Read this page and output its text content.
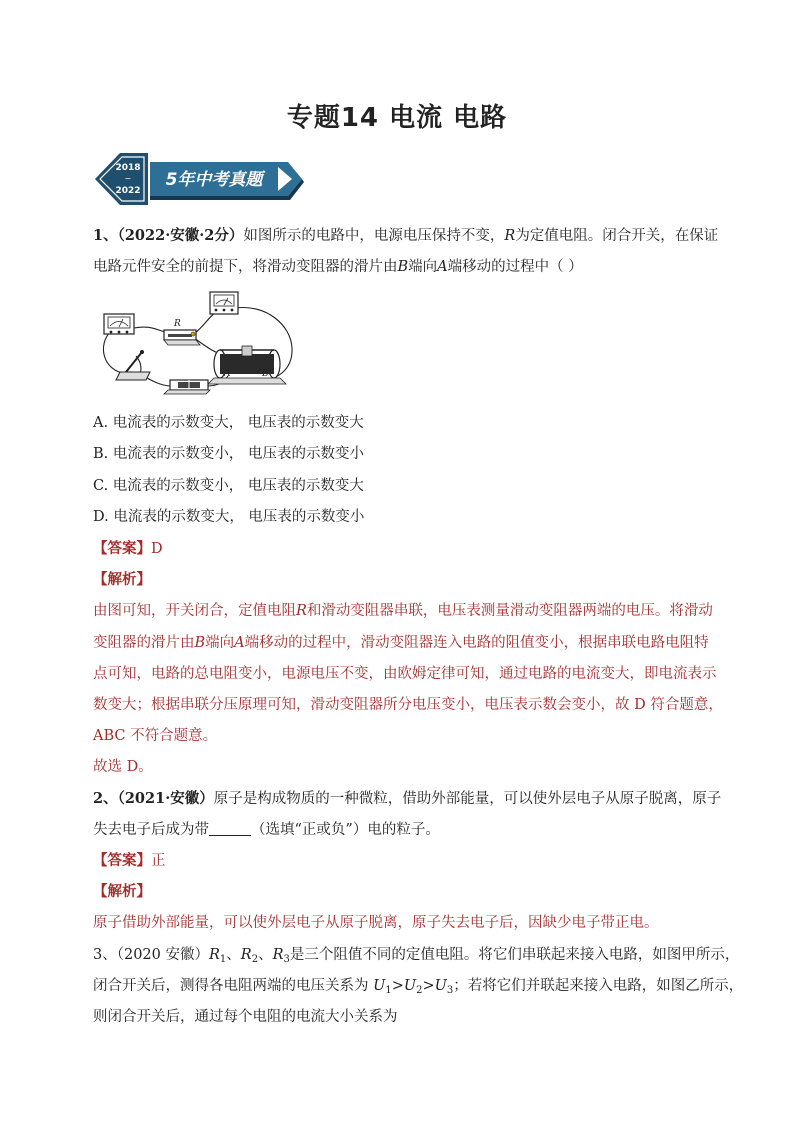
专题14 电流 电路
2018
~
2022
5年中考真题
1、（2022·安徽·2分）如图所示的电路中，电源电压保持不变，R为定值电阻。闭合开关，在保证
电路元件安全的前提下，将滑动变阻器的滑片由B端向A端移动的过程中（ ）
R
A	B
A. 电流表的示数变大， 电压表的示数变大
B. 电流表的示数变小， 电压表的示数变小
C. 电流表的示数变小， 电压表的示数变大
D. 电流表的示数变大， 电压表的示数变小
【答案】D
【解析】
由图可知，开关闭合，定值电阻R和滑动变阻器串联，电压表测量滑动变阻器两端的电压。将滑动
变阻器的滑片由B端向A端移动的过程中，滑动变阻器连入电路的阻值变小，根据串联电路电阻特
点可知，电路的总电阻变小，电源电压不变，由欧姆定律可知，通过电路的电流变大，即电流表示
数变大；根据串联分压原理可知，滑动变阻器所分电压变小，电压表示数会变小，故 D 符合题意，
ABC 不符合题意。
故选 D。
2、（2021·安徽）原子是构成物质的一种微粒，借助外部能量，可以使外层电子从原子脱离，原子
失去电子后成为带	（选填“正或负”）电的粒子。
【答案】正
【解析】
原子借助外部能量，可以使外层电子从原子脱离，原子失去电子后，因缺少电子带正电。
3、（2020 安徽）$R_1$、$R_2$、$R_3$是三个阻值不同的定值电阻。将它们串联起来接入电路，如图甲所示，
闭合开关后，测得各电阻两端的电压关系为 $U_1>U_2>U_3$；若将它们并联起来接入电路，如图乙所示，
则闭合开关后，通过每个电阻的电流大小关系为
